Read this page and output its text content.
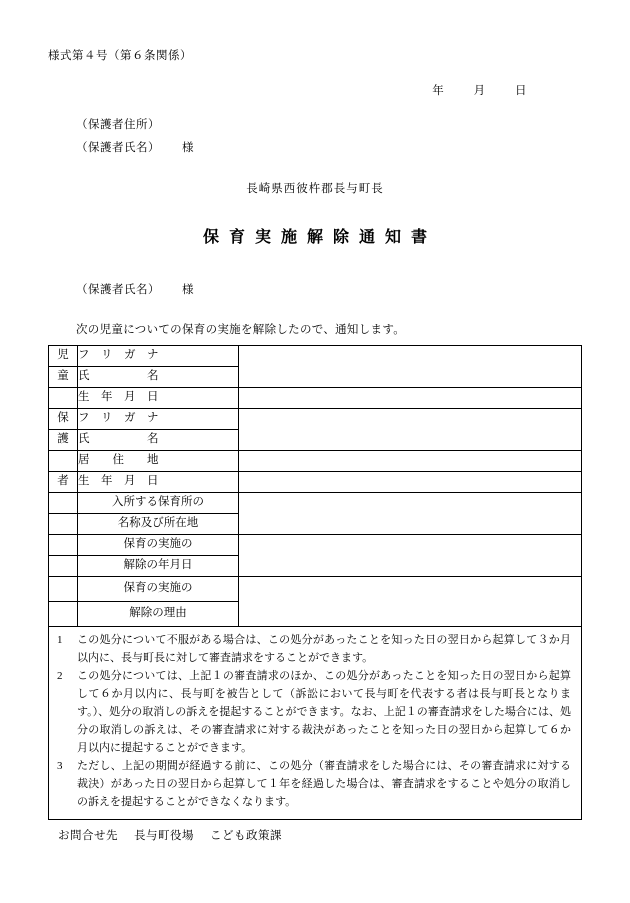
様式第４号（第６条関係）
年	月	日
（保護者住所）
（保護者氏名） 様
長崎県西彼杵郡長与町長
保育実施解除通知書
（保護者氏名） 様
次の児童についての保育の実施を解除したので、通知します。
児	フ　リ　ガ　ナ	
童	氏　　　　　名	
	生　年　月　日	
保	フ　リ　ガ　ナ	
護	氏　　　　　名	
	居　　住　　地	
者	生　年　月　日	
	入所する保育所の	
	名称及び所在地	
	保育の実施の	
	解除の年月日	
	保育の実施の	
	解除の理由	
1	この処分について不服がある場合は、この処分があったことを知った日の翌日から起算して３か月以内に、長与町長に対して審査請求をすることができます。
2	この処分については、上記１の審査請求のほか、この処分があったことを知った日の翌日から起算して６か月以内に、長与町を被告として（訴訟において長与町を代表する者は長与町長となります。）、処分の取消しの訴えを提起することができます。なお、上記１の審査請求をした場合には、処分の取消しの訴えは、その審査請求に対する裁決があったことを知った日の翌日から起算して６か月以内に提起することができます。
3	ただし、上記の期間が経過する前に、この処分（審査請求をした場合には、その審査請求に対する裁決）があった日の翌日から起算して１年を経過した場合は、審査請求をすることや処分の取消しの訴えを提起することができなくなります。
お問合せ先 長与町役場 こども政策課
